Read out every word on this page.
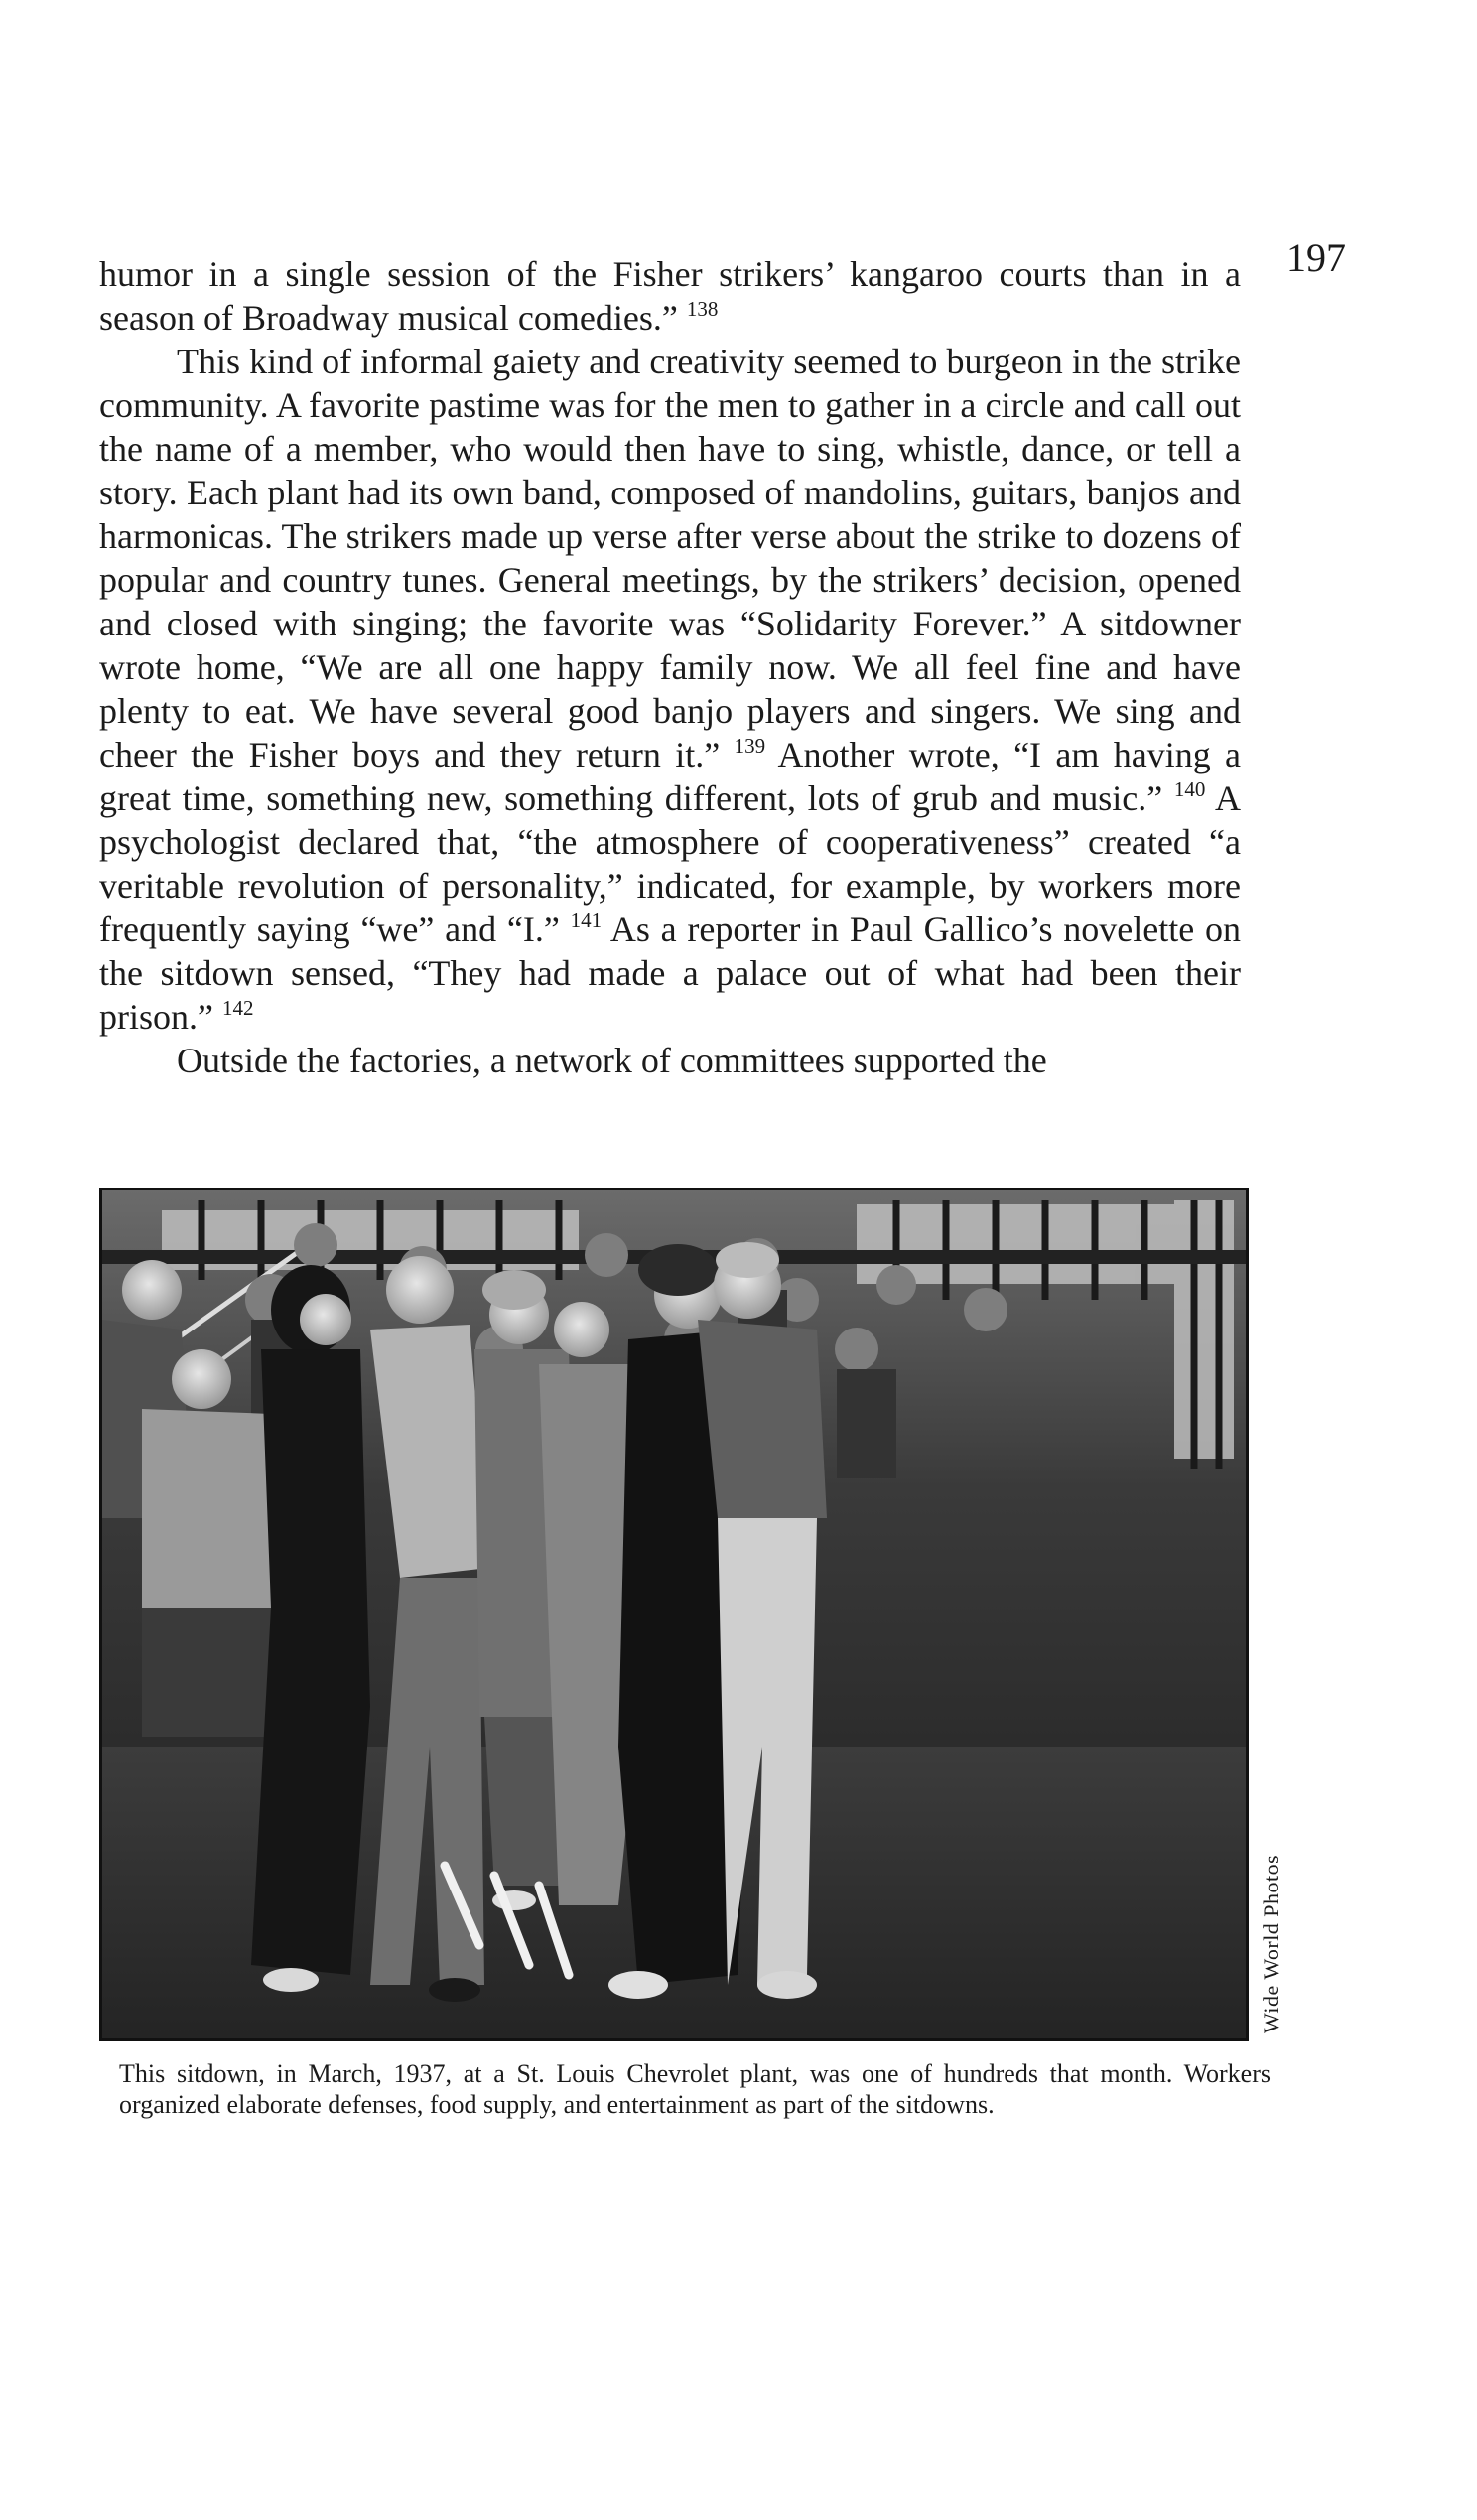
197

humor in a single session of the Fisher strikers’ kangaroo courts than in a season of Broadway musical comedies.” $^{138}$

This kind of informal gaiety and creativity seemed to burgeon in the strike community. A favorite pastime was for the men to gather in a circle and call out the name of a member, who would then have to sing, whistle, dance, or tell a story. Each plant had its own band, composed of mandolins, guitars, banjos and harmonicas. The strikers made up verse after verse about the strike to dozens of popular and country tunes. General meetings, by the strikers’ decision, opened and closed with singing; the favorite was “Solidarity Forever.” A sitdowner wrote home, “We are all one happy family now. We all feel fine and have plenty to eat. We have several good banjo players and singers. We sing and cheer the Fisher boys and they return it.” $^{139}$ Another wrote, “I am having a great time, something new, something different, lots of grub and music.” $^{140}$ A psychologist declared that, “the atmosphere of cooperativeness” created “a veritable revolution of personality,” indicated, for example, by workers more frequently saying “we” and “I.” $^{141}$ As a reporter in Paul Gallico’s novelette on the sitdown sensed, “They had made a palace out of what had been their prison.” $^{142}$

Outside the factories, a network of committees supported the

Wide World Photos
This sitdown, in March, 1937, at a St. Louis Chevrolet plant, was one of hundreds that month. Workers organized elaborate defenses, food supply, and entertainment as part of the sitdowns.
